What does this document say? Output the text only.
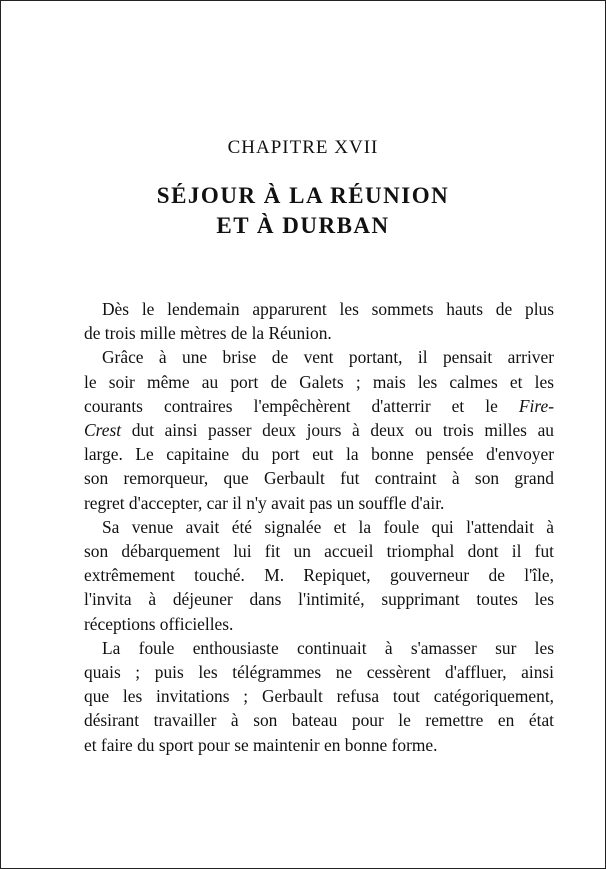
CHAPITRE XVII
SÉJOUR À LA RÉUNION
ET À DURBAN

Dès le lendemain apparurent les sommets hauts de plus
de trois mille mètres de la Réunion.

Grâce à une brise de vent portant, il pensait arriver
le soir même au port de Galets ; mais les calmes et les
courants contraires l'empêchèrent d'atterrir et le Fire-
Crest dut ainsi passer deux jours à deux ou trois milles au
large. Le capitaine du port eut la bonne pensée d'envoyer
son remorqueur, que Gerbault fut contraint à son grand
regret d'accepter, car il n'y avait pas un souffle d'air.

Sa venue avait été signalée et la foule qui l'attendait à
son débarquement lui fit un accueil triomphal dont il fut
extrêmement touché. M. Repiquet, gouverneur de l'île,
l'invita à déjeuner dans l'intimité, supprimant toutes les
réceptions officielles.

La foule enthousiaste continuait à s'amasser sur les
quais ; puis les télégrammes ne cessèrent d'affluer, ainsi
que les invitations ; Gerbault refusa tout catégoriquement,
désirant travailler à son bateau pour le remettre en état
et faire du sport pour se maintenir en bonne forme.
